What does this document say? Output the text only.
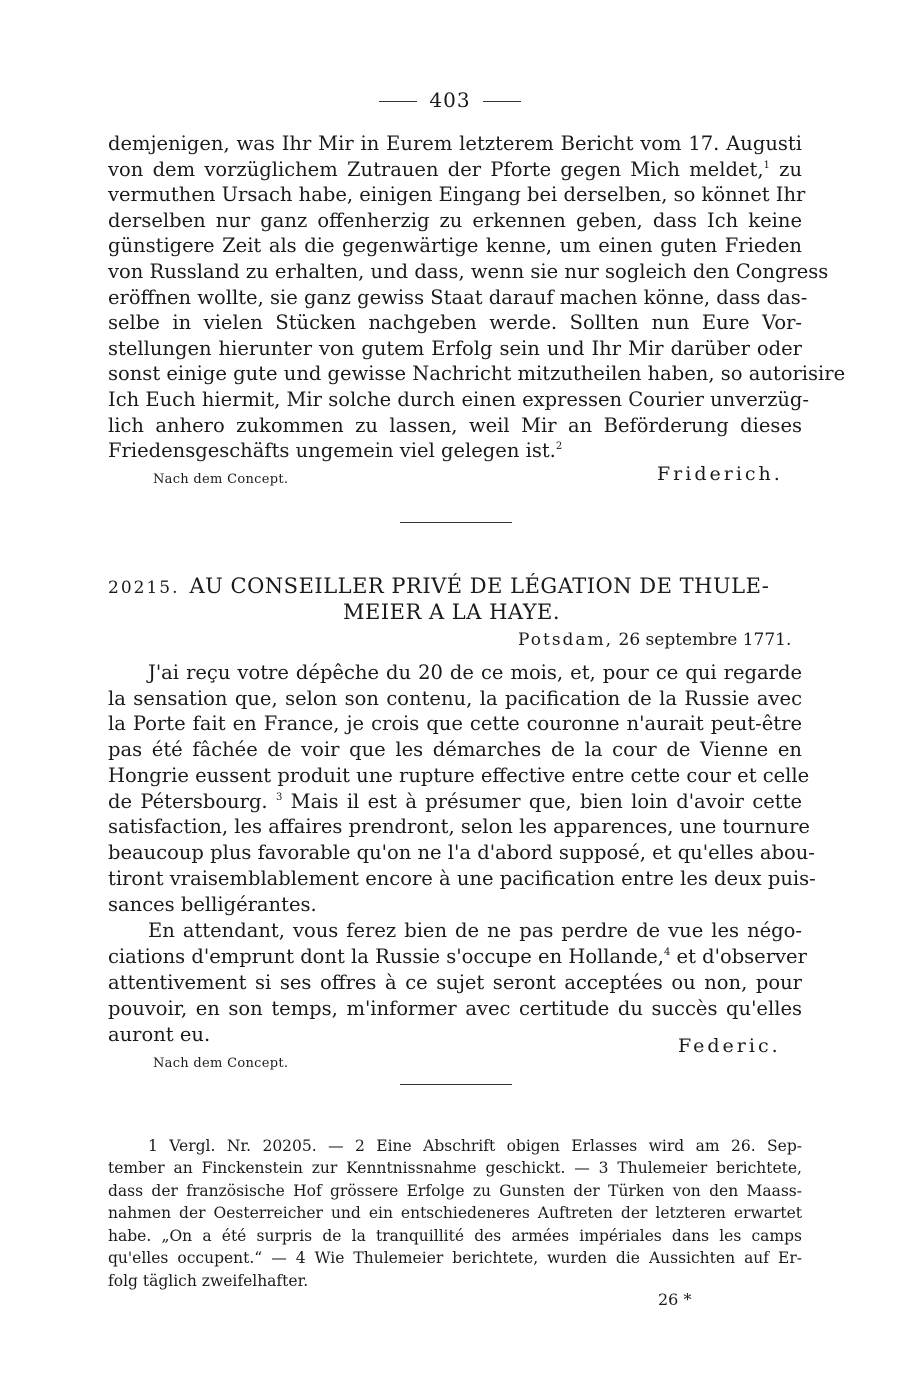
403
demjenigen, was Ihr Mir in Eurem letzterem Bericht vom 17. Augusti
von dem vorzüglichem Zutrauen der Pforte gegen Mich meldet,$^1$ zu
vermuthen Ursach habe, einigen Eingang bei derselben, so könnet Ihr
derselben nur ganz offenherzig zu erkennen geben, dass Ich keine
günstigere Zeit als die gegenwärtige kenne, um einen guten Frieden
von Russland zu erhalten, und dass, wenn sie nur sogleich den Congress
eröffnen wollte, sie ganz gewiss Staat darauf machen könne, dass das-
selbe in vielen Stücken nachgeben werde. Sollten nun Eure Vor-
stellungen hierunter von gutem Erfolg sein und Ihr Mir darüber oder
sonst einige gute und gewisse Nachricht mitzutheilen haben, so autorisire
Ich Euch hiermit, Mir solche durch einen expressen Courier unverzüg-
lich anhero zukommen zu lassen, weil Mir an Beförderung dieses
Friedensgeschäfts ungemein viel gelegen ist.$^2$
Nach dem Concept.	Friderich.
20215. AU CONSEILLER PRIVÉ DE LÉGATION DE THULE-
MEIER A LA HAYE.
Potsdam, 26 septembre 1771.
J'ai reçu votre dépêche du 20 de ce mois, et, pour ce qui regarde
la sensation que, selon son contenu, la pacification de la Russie avec
la Porte fait en France, je crois que cette couronne n'aurait peut-être
pas été fâchée de voir que les démarches de la cour de Vienne en
Hongrie eussent produit une rupture effective entre cette cour et celle
de Pétersbourg. $^3$ Mais il est à présumer que, bien loin d'avoir cette
satisfaction, les affaires prendront, selon les apparences, une tournure
beaucoup plus favorable qu'on ne l'a d'abord supposé, et qu'elles abou-
tiront vraisemblablement encore à une pacification entre les deux puis-
sances belligérantes.
En attendant, vous ferez bien de ne pas perdre de vue les négo-
ciations d'emprunt dont la Russie s'occupe en Hollande,$^4$ et d'observer
attentivement si ses offres à ce sujet seront acceptées ou non, pour
pouvoir, en son temps, m'informer avec certitude du succès qu'elles
auront eu.	Federic.
Nach dem Concept.
1 Vergl. Nr. 20205. — 2 Eine Abschrift obigen Erlasses wird am 26. Sep-
tember an Finckenstein zur Kenntnissnahme geschickt. — 3 Thulemeier berichtete,
dass der französische Hof grössere Erfolge zu Gunsten der Türken von den Maass-
nahmen der Oesterreicher und ein entschiedeneres Auftreten der letzteren erwartet
habe. „On a été surpris de la tranquillité des armées impériales dans les camps
qu'elles occupent.“ — 4 Wie Thulemeier berichtete, wurden die Aussichten auf Er-
folg täglich zweifelhafter.
26 *
